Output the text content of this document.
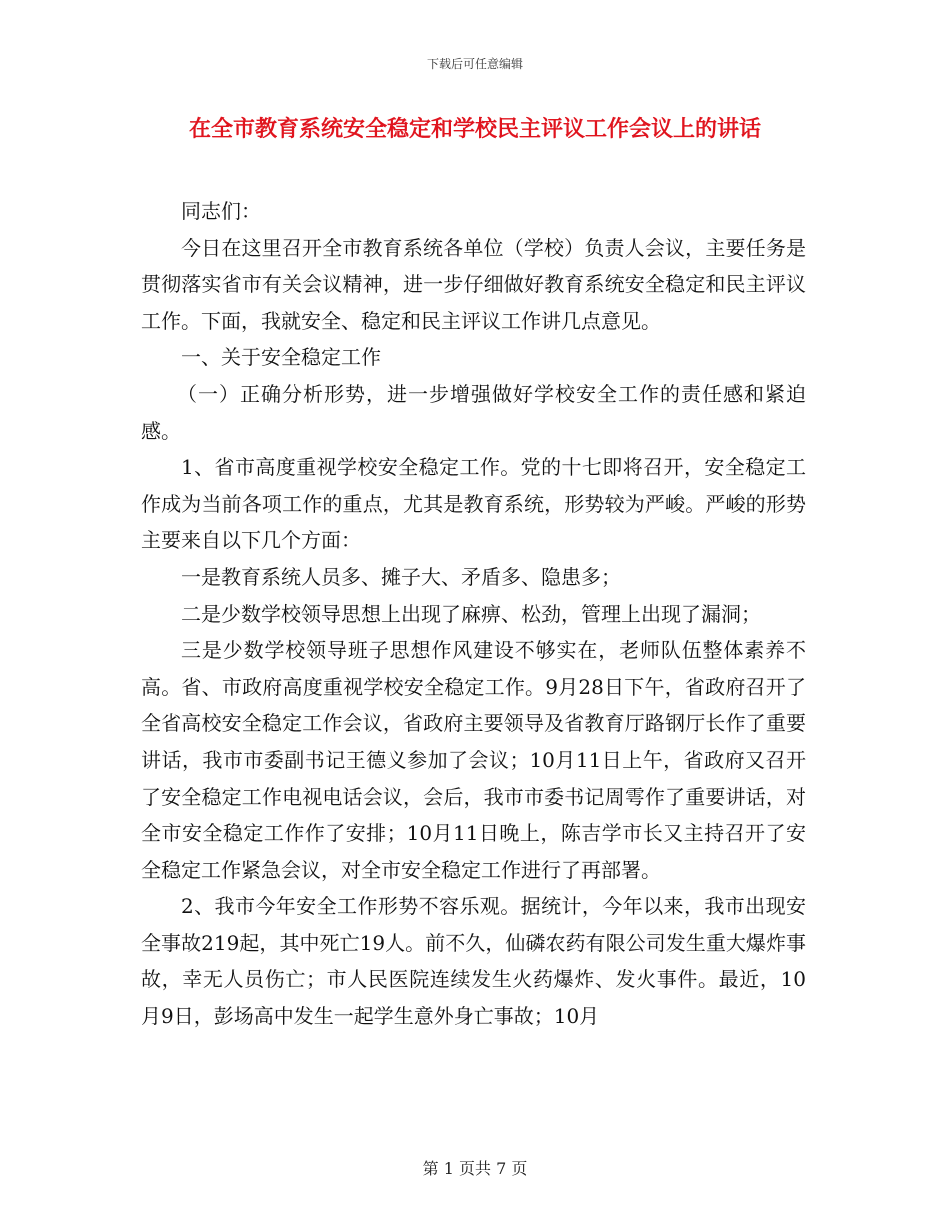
下载后可任意编辑
在全市教育系统安全稳定和学校民主评议工作会议上的讲话

同志们：

今日在这里召开全市教育系统各单位（学校）负责人会议，主要任务是贯彻落实省市有关会议精神，进一步仔细做好教育系统安全稳定和民主评议工作。下面，我就安全、稳定和民主评议工作讲几点意见。

一、关于安全稳定工作

（一）正确分析形势，进一步增强做好学校安全工作的责任感和紧迫感。

1、省市高度重视学校安全稳定工作。党的十七即将召开，安全稳定工作成为当前各项工作的重点，尤其是教育系统，形势较为严峻。严峻的形势主要来自以下几个方面：

一是教育系统人员多、摊子大、矛盾多、隐患多；

二是少数学校领导思想上出现了麻痹、松劲，管理上出现了漏洞；

三是少数学校领导班子思想作风建设不够实在，老师队伍整体素养不高。省、市政府高度重视学校安全稳定工作。9月28日下午，省政府召开了全省高校安全稳定工作会议，省政府主要领导及省教育厅路钢厅长作了重要讲话，我市市委副书记王德义参加了会议；10月11日上午，省政府又召开了安全稳定工作电视电话会议，会后，我市市委书记周雩作了重要讲话，对全市安全稳定工作作了安排；10月11日晚上，陈吉学市长又主持召开了安全稳定工作紧急会议，对全市安全稳定工作进行了再部署。

2、我市今年安全工作形势不容乐观。据统计，今年以来，我市出现安全事故219起，其中死亡19人。前不久，仙磷农药有限公司发生重大爆炸事故，幸无人员伤亡；市人民医院连续发生火药爆炸、发火事件。最近，10月9日，彭场高中发生一起学生意外身亡事故；10月

第 1 页共 7 页
